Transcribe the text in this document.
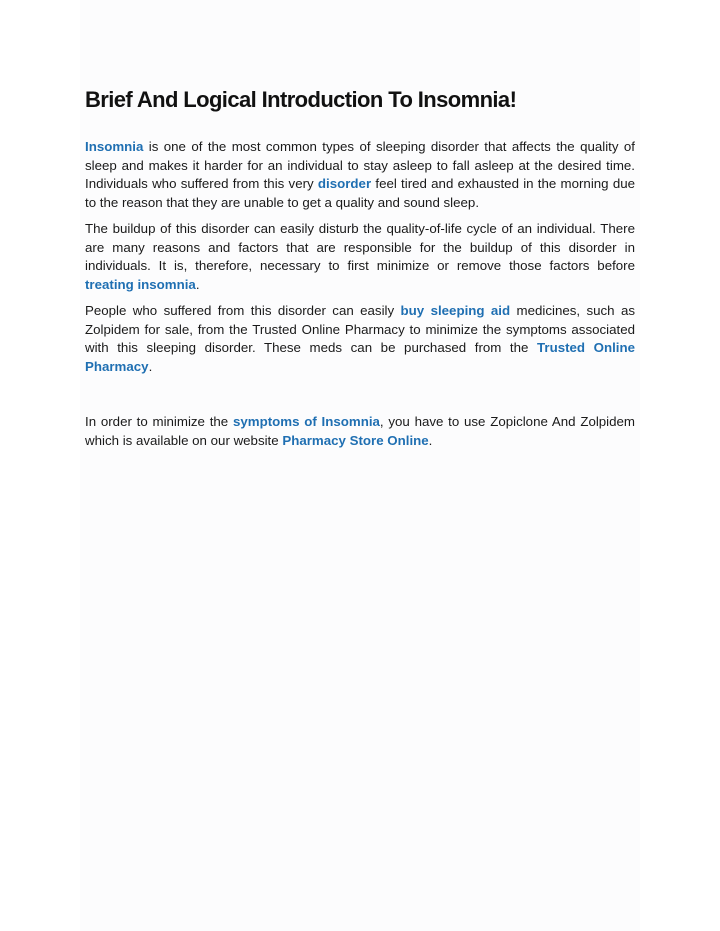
Brief And Logical Introduction To Insomnia!

Insomnia is one of the most common types of sleeping disorder that affects the quality of sleep and makes it harder for an individual to stay asleep to fall asleep at the desired time. Individuals who suffered from this very disorder feel tired and exhausted in the morning due to the reason that they are unable to get a quality and sound sleep.

The buildup of this disorder can easily disturb the quality-of-life cycle of an individual. There are many reasons and factors that are responsible for the buildup of this disorder in individuals. It is, therefore, necessary to first minimize or remove those factors before treating insomnia.

People who suffered from this disorder can easily buy sleeping aid medicines, such as Zolpidem for sale, from the Trusted Online Pharmacy to minimize the symptoms associated with this sleeping disorder. These meds can be purchased from the Trusted Online Pharmacy.

In order to minimize the symptoms of Insomnia, you have to use Zopiclone And Zolpidem which is available on our website Pharmacy Store Online.
